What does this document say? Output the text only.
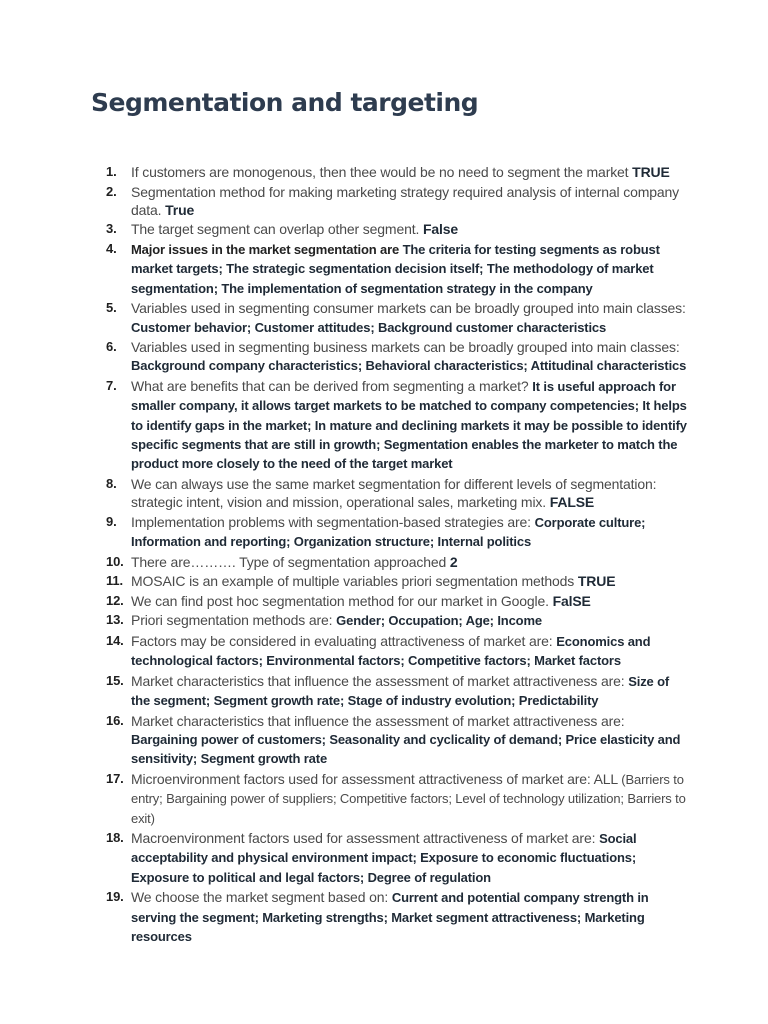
Segmentation and targeting
1.	If customers are monogenous, then thee would be no need to segment the market TRUE
2.	Segmentation method for making marketing strategy required analysis of internal company data. True
3.	The target segment can overlap other segment. False
4.	Major issues in the market segmentation are The criteria for testing segments as robust market targets; The strategic segmentation decision itself; The methodology of market segmentation; The implementation of segmentation strategy in the company
5.	Variables used in segmenting consumer markets can be broadly grouped into main classes: Customer behavior; Customer attitudes; Background customer characteristics
6.	Variables used in segmenting business markets can be broadly grouped into main classes: Background company characteristics; Behavioral characteristics; Attitudinal characteristics
7.	What are benefits that can be derived from segmenting a market? It is useful approach for smaller company, it allows target markets to be matched to company competencies; It helps to identify gaps in the market; In mature and declining markets it may be possible to identify specific segments that are still in growth; Segmentation enables the marketer to match the product more closely to the need of the target market
8.	We can always use the same market segmentation for different levels of segmentation: strategic intent, vision and mission, operational sales, marketing mix. FALSE
9.	Implementation problems with segmentation-based strategies are: Corporate culture; Information and reporting; Organization structure; Internal politics
10. There are………. Type of segmentation approached 2
11. MOSAIC is an example of multiple variables priori segmentation methods TRUE
12. We can find post hoc segmentation method for our market in Google. FalSE
13. Priori segmentation methods are: Gender; Occupation; Age; Income
14. Factors may be considered in evaluating attractiveness of market are: Economics and technological factors; Environmental factors; Competitive factors; Market factors
15. Market characteristics that influence the assessment of market attractiveness are: Size of the segment; Segment growth rate; Stage of industry evolution; Predictability
16. Market characteristics that influence the assessment of market attractiveness are: Bargaining power of customers; Seasonality and cyclicality of demand; Price elasticity and sensitivity; Segment growth rate
17. Microenvironment factors used for assessment attractiveness of market are: ALL (Barriers to entry; Bargaining power of suppliers; Competitive factors; Level of technology utilization; Barriers to exit)
18. Macroenvironment factors used for assessment attractiveness of market are: Social acceptability and physical environment impact; Exposure to economic fluctuations; Exposure to political and legal factors; Degree of regulation
19. We choose the market segment based on: Current and potential company strength in serving the segment; Marketing strengths; Market segment attractiveness; Marketing resources
